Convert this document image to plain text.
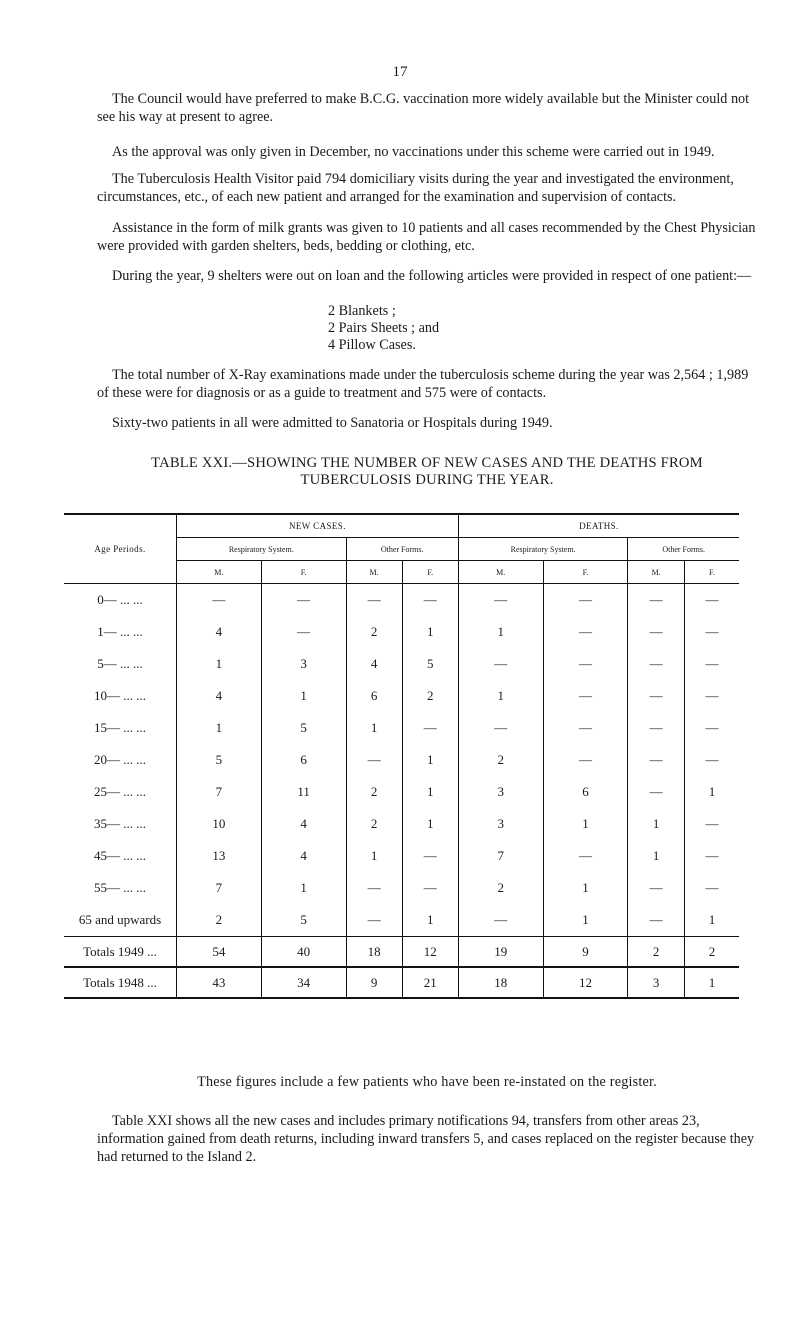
17

The Council would have preferred to make B.C.G. vaccination more widely available but the Minister could not see his way at present to agree.

As the approval was only given in December, no vaccinations under this scheme were carried out in 1949.

The Tuberculosis Health Visitor paid 794 domiciliary visits during the year and investigated the environment, circumstances, etc., of each new patient and arranged for the examination and supervision of contacts.

Assistance in the form of milk grants was given to 10 patients and all cases recommended by the Chest Physician were provided with garden shelters, beds, bedding or clothing, etc.

During the year, 9 shelters were out on loan and the following articles were provided in respect of one patient:—

2 Blankets ;
2 Pairs Sheets ; and
4 Pillow Cases.

The total number of X-Ray examinations made under the tuberculosis scheme during the year was 2,564 ; 1,989 of these were for diagnosis or as a guide to treatment and 575 were of contacts.

Sixty-two patients in all were admitted to Sanatoria or Hospitals during 1949.

TABLE XXI.—SHOWING THE NUMBER OF NEW CASES AND THE DEATHS FROM
TUBERCULOSIS DURING THE YEAR.
Age Periods.	NEW CASES.				DEATHS.			
	Respiratory System.		Other Forms.		Respiratory System.		Other Forms.	
	M.	F.	M.	F.	M.	F.	M.	F.
0— ... ...	—	—	—	—	—	—	—	—
1— ... ...	4	—	2	1	1	—	—	—
5— ... ...	1	3	4	5	—	—	—	—
10— ... ...	4	1	6	2	1	—	—	—
15— ... ...	1	5	1	—	—	—	—	—
20— ... ...	5	6	—	1	2	—	—	—
25— ... ...	7	11	2	1	3	6	—	1
35— ... ...	10	4	2	1	3	1	1	—
45— ... ...	13	4	1	—	7	—	1	—
55— ... ...	7	1	—	—	2	1	—	—
65 and upwards	2	5	—	1	—	1	—	1
Totals 1949 ...	54	40	18	12	19	9	2	2
Totals 1948 ...	43	34	9	21	18	12	3	1
These figures include a few patients who have been re-instated on the register.

Table XXI shows all the new cases and includes primary notifications 94, transfers from other areas 23, information gained from death returns, including inward transfers 5, and cases replaced on the register because they had returned to the Island 2.
